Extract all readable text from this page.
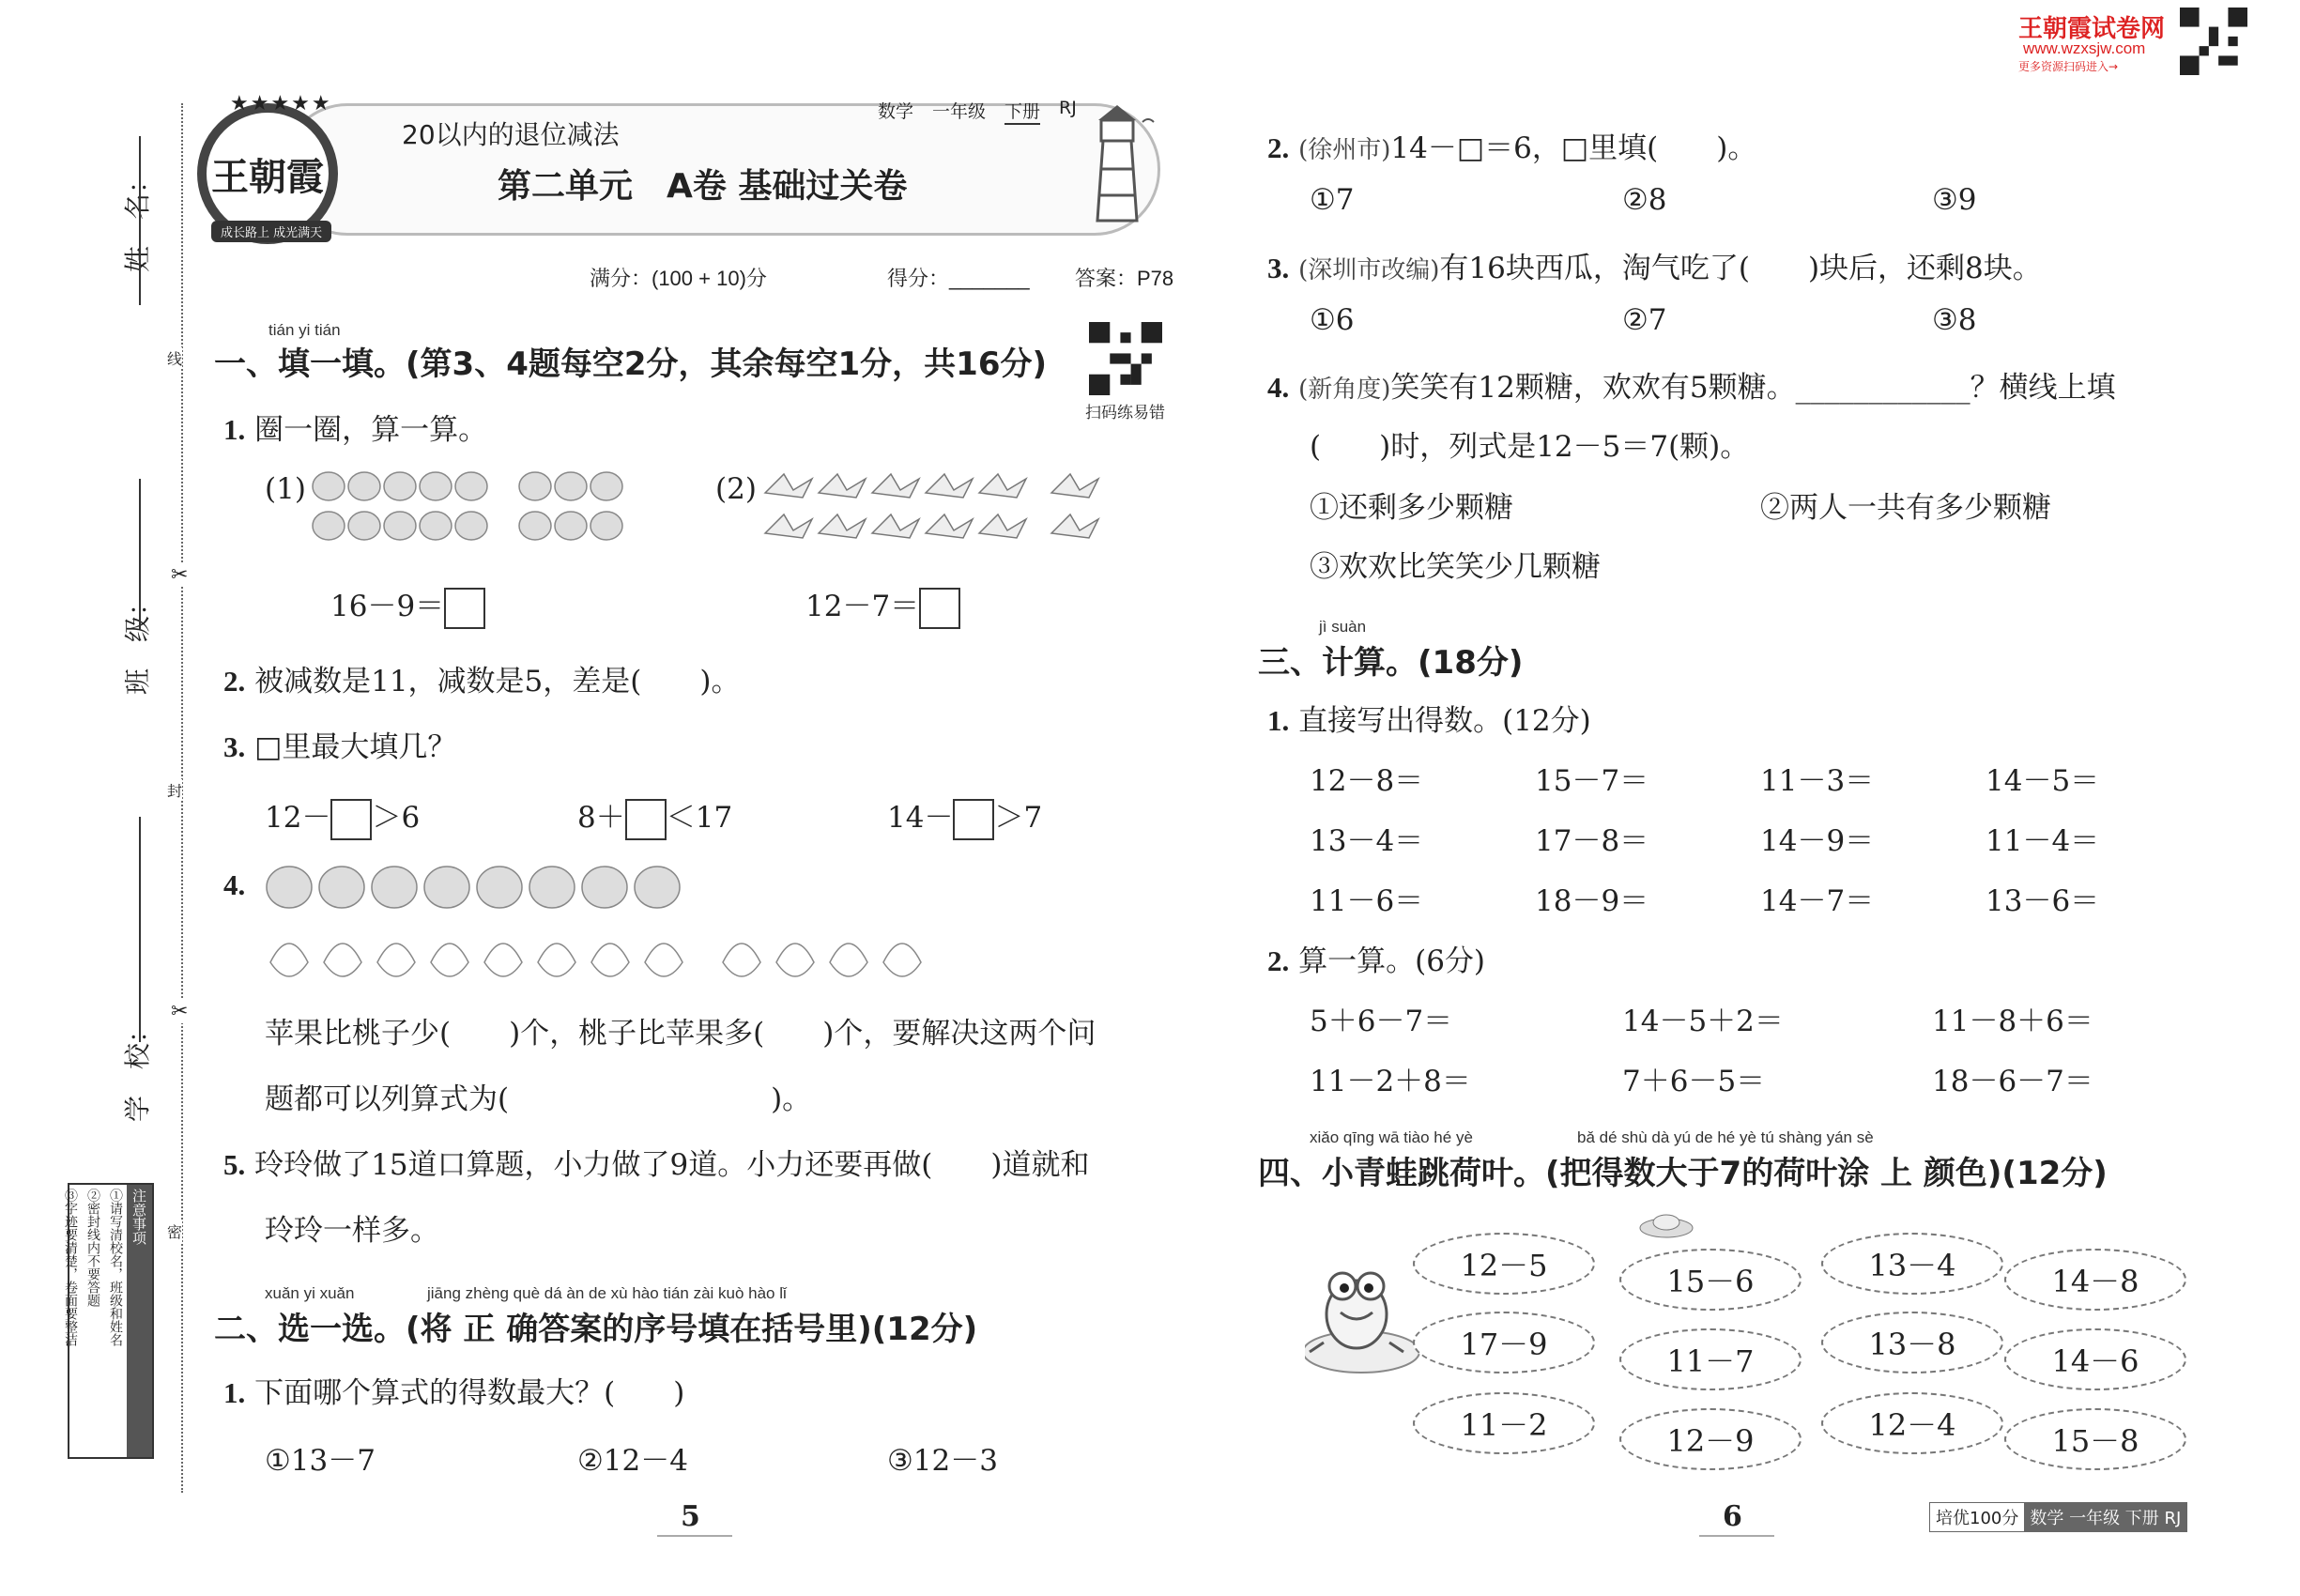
姓　名：
班　级：
学　校：
线
封
密
✂
✂
注意事项
①请写清校名，班级和姓名
②密封线内不要答题
③字迹要清楚，卷面要整洁
王朝霞
★★★★★
成长路上 成光满天
20以内的退位减法
数学 一年级 下册 RJ
第二单元　A卷 基础过关卷
满分：(100 + 10)分	得分：_______ 答案：P78
扫码练易错
tián yi tián
一、填一填。(第3、4题每空2分，其余每空1分，共16分)
1. 圈一圈，算一算。
(1)	(2)
16－9＝	12－7＝
2. 被减数是11，减数是5，差是(　　)。
3. □里最大填几？
12－ ＞6	8＋ ＜17	14－ ＞7
4.
苹果比桃子少(　　)个，桃子比苹果多(　　)个，要解决这两个问
题都可以列算式为(　　　　　　　　　)。
5. 玲玲做了15道口算题，小力做了9道。小力还要再做(　　)道就和
玲玲一样多。
xuǎn yi xuǎn	jiāng zhèng què dá àn de xù hào tián zài kuò hào lǐ
二、选一选。(将 正 确答案的序号填在括号里)(12分)
1. 下面哪个算式的得数最大？(　　)
①13－7	②12－4	③12－3
5
王朝霞试卷网
www.wzxsjw.com
更多资源扫码进入→
2. (徐州市)14－□＝6，□里填(　　)。
①7	②8	③9
3. (深圳市改编)有16块西瓜，淘气吃了(　　)块后，还剩8块。
①6	②7	③8
4. (新角度)笑笑有12颗糖，欢欢有5颗糖。____________？横线上填
(　　)时，列式是12－5＝7(颗)。
①还剩多少颗糖	②两人一共有多少颗糖
③欢欢比笑笑少几颗糖
jì suàn
三、计算。(18分)
1. 直接写出得数。(12分)
12－8＝	15－7＝	11－3＝	14－5＝
13－4＝	17－8＝	14－9＝	11－4＝
11－6＝	18－9＝	14－7＝	13－6＝
2. 算一算。(6分)
5＋6－7＝	14－5＋2＝	11－8＋6＝
11－2＋8＝	7＋6－5＝	18－6－7＝
xiǎo qīng wā tiào hé yè	bǎ dé shù dà yú de hé yè tú shàng yán sè
四、小青蛙跳荷叶。(把得数大于7的荷叶涂 上 颜色)(12分)
12－5	15－6	13－4	14－8
17－9	11－7	13－8	14－6
11－2	12－9	12－4	15－8
6	培优100分 数学 一年级 下册 RJ
